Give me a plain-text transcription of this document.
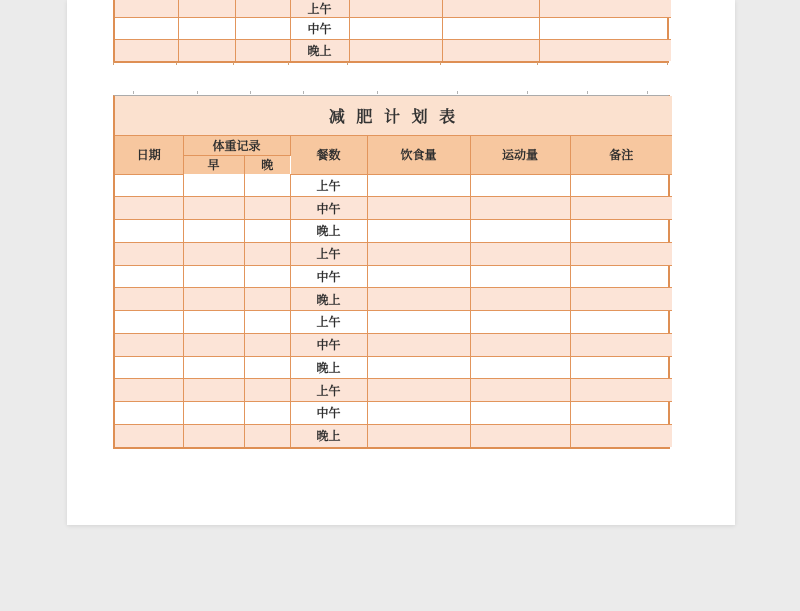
			上午			
			中午			
			晚上			
减 肥 计 划 表						
日期	体重记录		餐数	饮食量	运动量	备注
	早	晚				
			上午			
			中午			
			晚上			
			上午			
			中午			
			晚上			
			上午			
			中午			
			晚上			
			上午			
			中午			
			晚上			
